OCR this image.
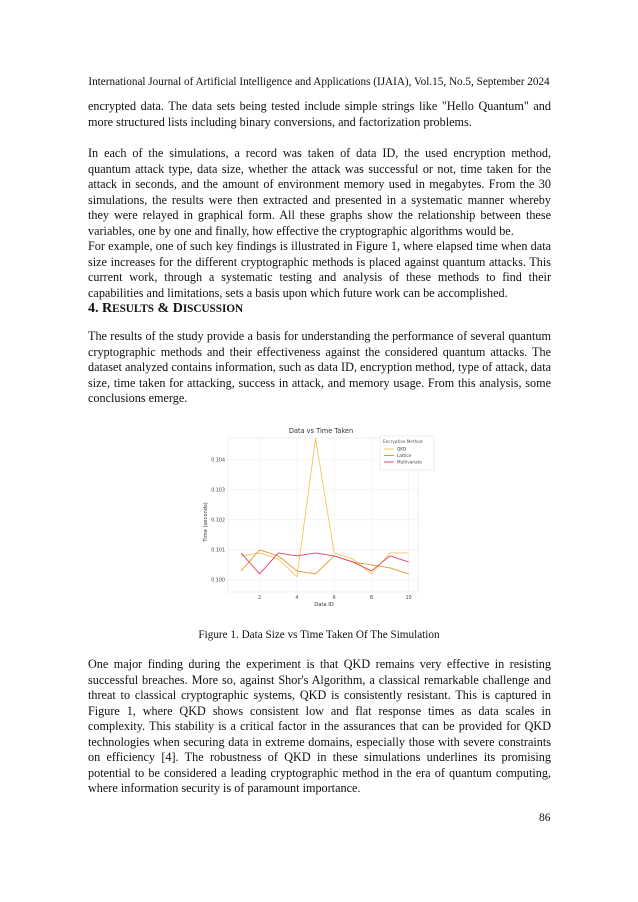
International Journal of Artificial Intelligence and Applications (IJAIA), Vol.15, No.5, September 2024

encrypted data. The data sets being tested include simple strings like "Hello Quantum" and more structured lists including binary conversions, and factorization problems.

In each of the simulations, a record was taken of data ID, the used encryption method, quantum attack type, data size, whether the attack was successful or not, time taken for the attack in seconds, and the amount of environment memory used in megabytes. From the 30 simulations, the results were then extracted and presented in a systematic manner whereby they were relayed in graphical form. All these graphs show the relationship between these variables, one by one and finally, how effective the cryptographic algorithms would be.

For example, one of such key findings is illustrated in Figure 1, where elapsed time when data size increases for the different cryptographic methods is placed against quantum attacks. This current work, through a systematic testing and analysis of these methods to find their capabilities and limitations, sets a basis upon which future work can be accomplished.

4. RESULTS & DISCUSSION

The results of the study provide a basis for understanding the performance of several quantum cryptographic methods and their effectiveness against the considered quantum attacks. The dataset analyzed contains information, such as data ID, encryption method, type of attack, data size, time taken for attacking, success in attack, and memory usage. From this analysis, some conclusions emerge.

2	4	6	8	10
0.100
0.101
0.102
0.103
0.104
Data vs Time Taken
Data ID
Time (seconds)
Encryption Method
QKD
Lattice
Multivariate
Figure 1. Data Size vs Time Taken Of The Simulation

One major finding during the experiment is that QKD remains very effective in resisting successful breaches. More so, against Shor's Algorithm, a classical remarkable challenge and threat to classical cryptographic systems, QKD is consistently resistant. This is captured in Figure 1, where QKD shows consistent low and flat response times as data scales in complexity. This stability is a critical factor in the assurances that can be provided for QKD technologies when securing data in extreme domains, especially those with severe constraints on efficiency [4]. The robustness of QKD in these simulations underlines its promising potential to be considered a leading cryptographic method in the era of quantum computing, where information security is of paramount importance.

86
